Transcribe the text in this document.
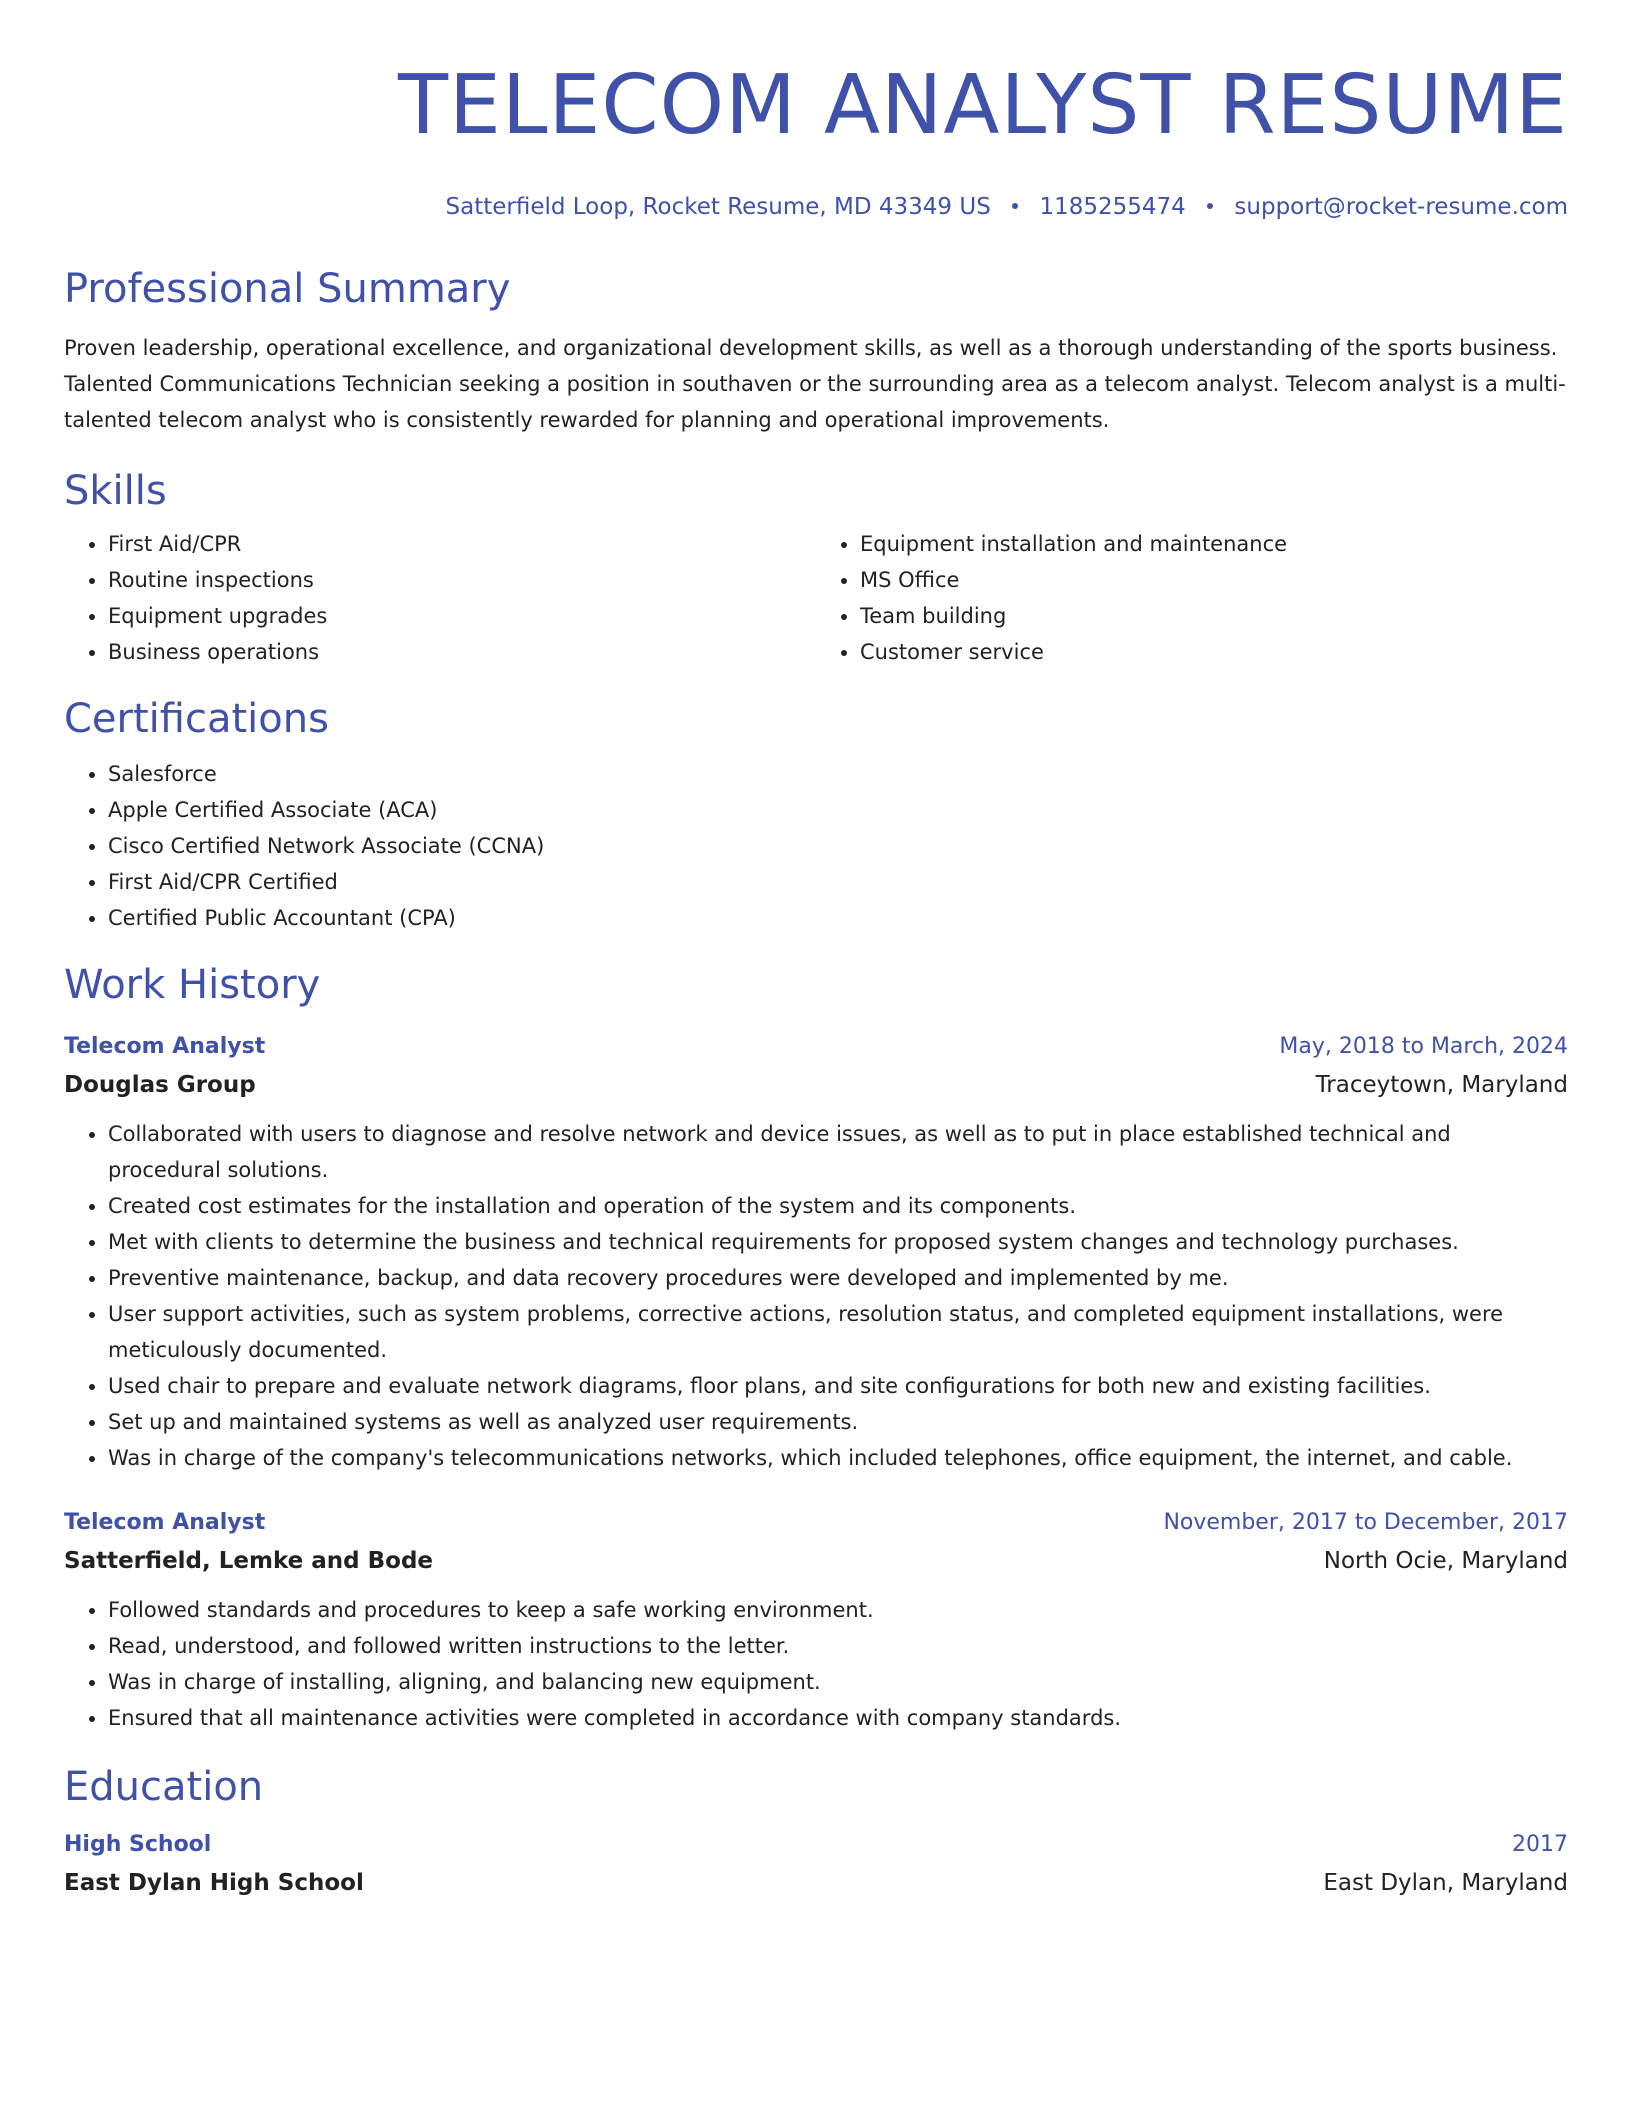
TELECOM ANALYST RESUME
Satterfield Loop, Rocket Resume, MD 43349 US 1185255474 support@rocket-resume.com
Professional Summary
Proven leadership, operational excellence, and organizational development skills, as well as a thorough understanding of the sports business. Talented Communications Technician seeking a position in southaven or the surrounding area as a telecom analyst. Telecom analyst is a multi-talented telecom analyst who is consistently rewarded for planning and operational improvements.
Skills
• First Aid/CPR
• Routine inspections
• Equipment upgrades
• Business operations
• Equipment installation and maintenance
• MS Office
• Team building
• Customer service
Certifications
• Salesforce
• Apple Certified Associate (ACA)
• Cisco Certified Network Associate (CCNA)
• First Aid/CPR Certified
• Certified Public Accountant (CPA)
Work History
Telecom Analyst	May, 2018 to March, 2024
Douglas Group	Traceytown, Maryland
• Collaborated with users to diagnose and resolve network and device issues, as well as to put in place established technical and procedural solutions.
• Created cost estimates for the installation and operation of the system and its components.
• Met with clients to determine the business and technical requirements for proposed system changes and technology purchases.
• Preventive maintenance, backup, and data recovery procedures were developed and implemented by me.
• User support activities, such as system problems, corrective actions, resolution status, and completed equipment installations, were meticulously documented.
• Used chair to prepare and evaluate network diagrams, floor plans, and site configurations for both new and existing facilities.
• Set up and maintained systems as well as analyzed user requirements.
• Was in charge of the company's telecommunications networks, which included telephones, office equipment, the internet, and cable.
Telecom Analyst	November, 2017 to December, 2017
Satterfield, Lemke and Bode	North Ocie, Maryland
• Followed standards and procedures to keep a safe working environment.
• Read, understood, and followed written instructions to the letter.
• Was in charge of installing, aligning, and balancing new equipment.
• Ensured that all maintenance activities were completed in accordance with company standards.
Education
High School	2017
East Dylan High School	East Dylan, Maryland
